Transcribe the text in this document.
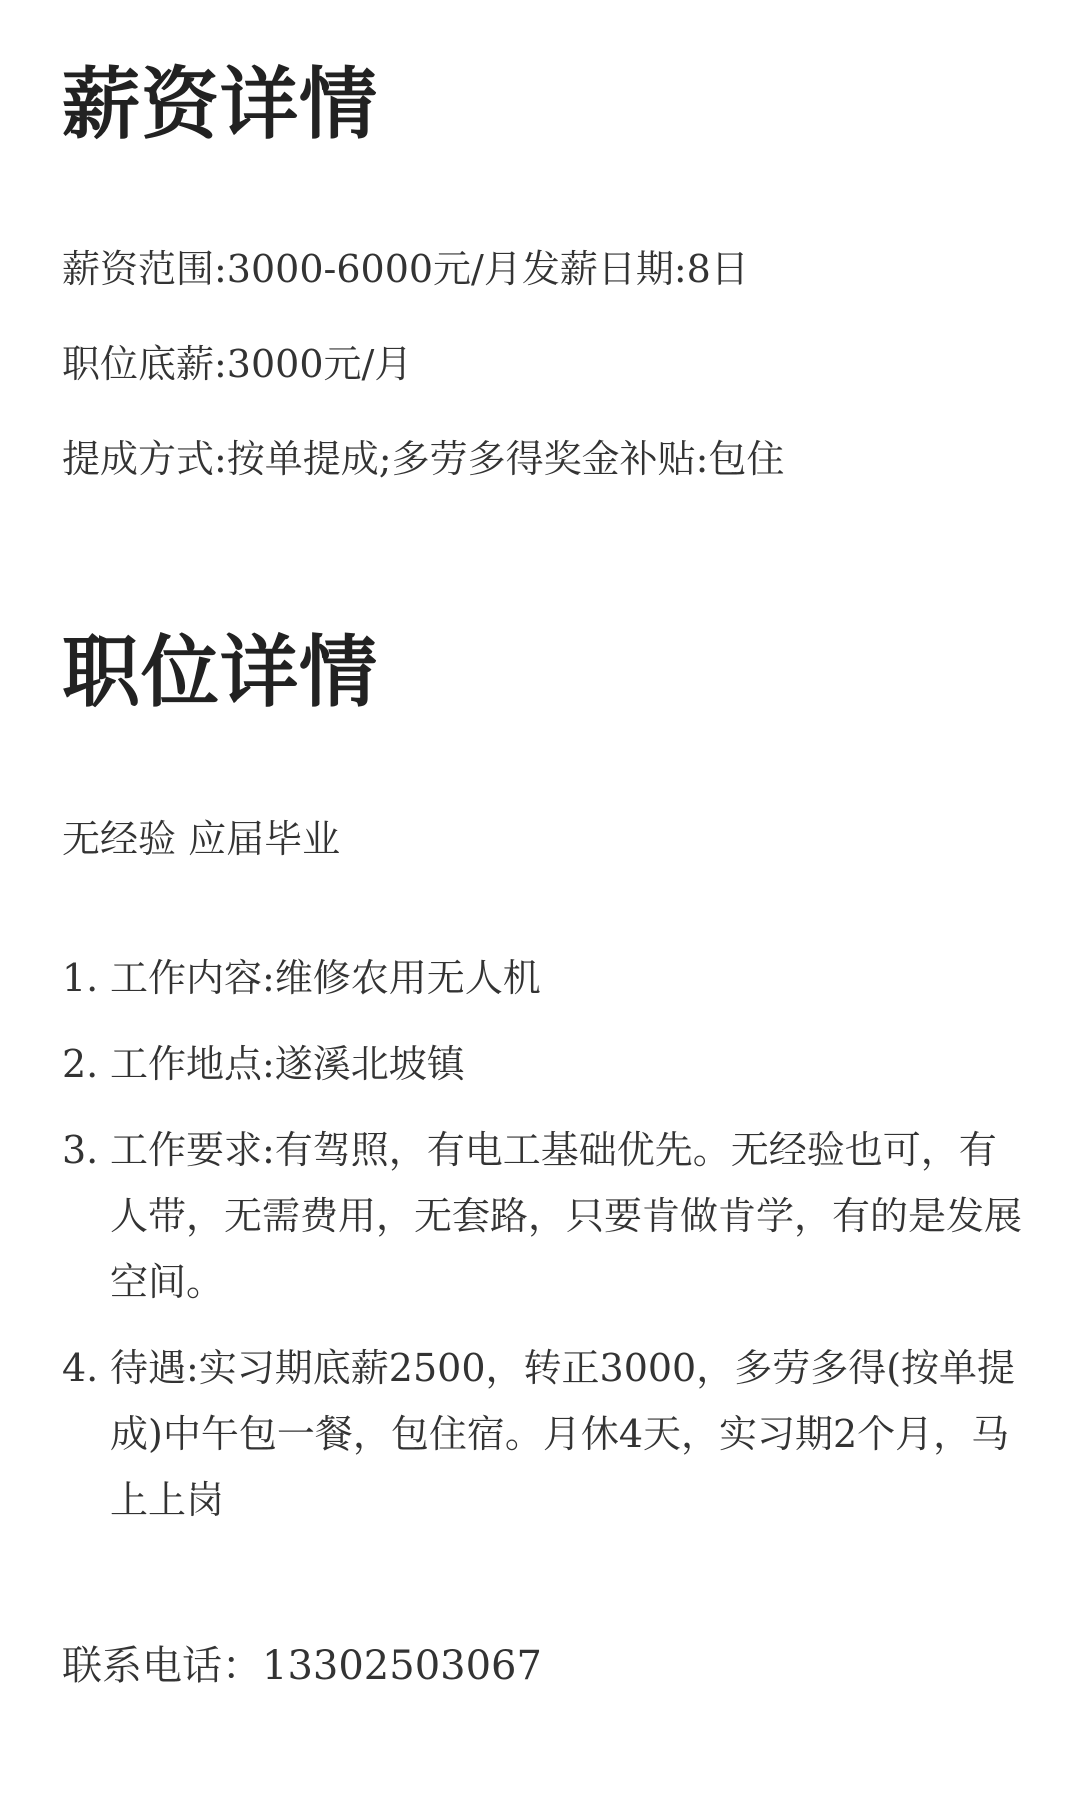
薪资详情

薪资范围:3000-6000元/月发薪日期:8日

职位底薪:3000元/月

提成方式:按单提成;多劳多得奖金补贴:包住

职位详情

无经验 应届毕业

1. 工作内容:维修农用无人机
2. 工作地点:遂溪北坡镇
3. 工作要求:有驾照，有电工基础优先。无经验也可，有人带，无需费用，无套路，只要肯做肯学，有的是发展空间。
4. 待遇:实习期底薪2500，转正3000，多劳多得(按单提成)中午包一餐，包住宿。月休4天，实习期2个月，马上上岗

联系电话：13302503067
